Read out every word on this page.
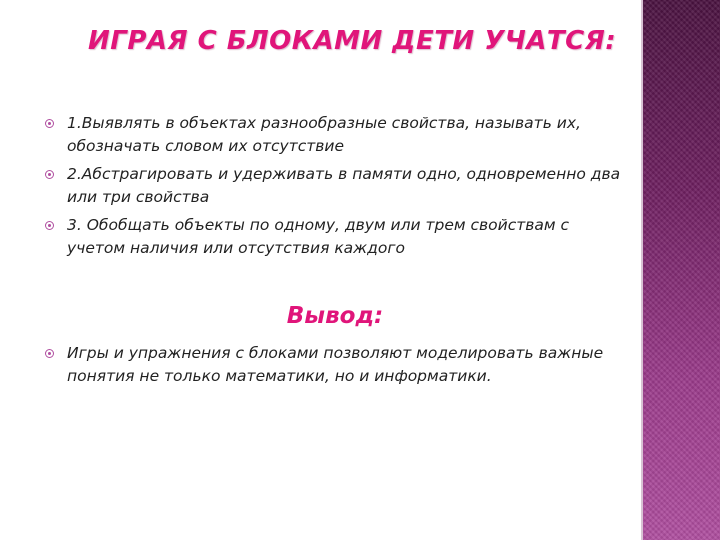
ИГРАЯ С БЛОКАМИ ДЕТИ УЧАТСЯ:
1.Выявлять в объектах разнообразные свойства, называть их, обозначать словом их отсутствие
2.Абстрагировать и удерживать в памяти одно, одновременно два или три свойства
3. Обобщать объекты по одному, двум или трем свойствам с учетом наличия или отсутствия каждого
Вывод:
Игры и упражнения с блоками позволяют моделировать важные понятия не только математики, но и информатики.
